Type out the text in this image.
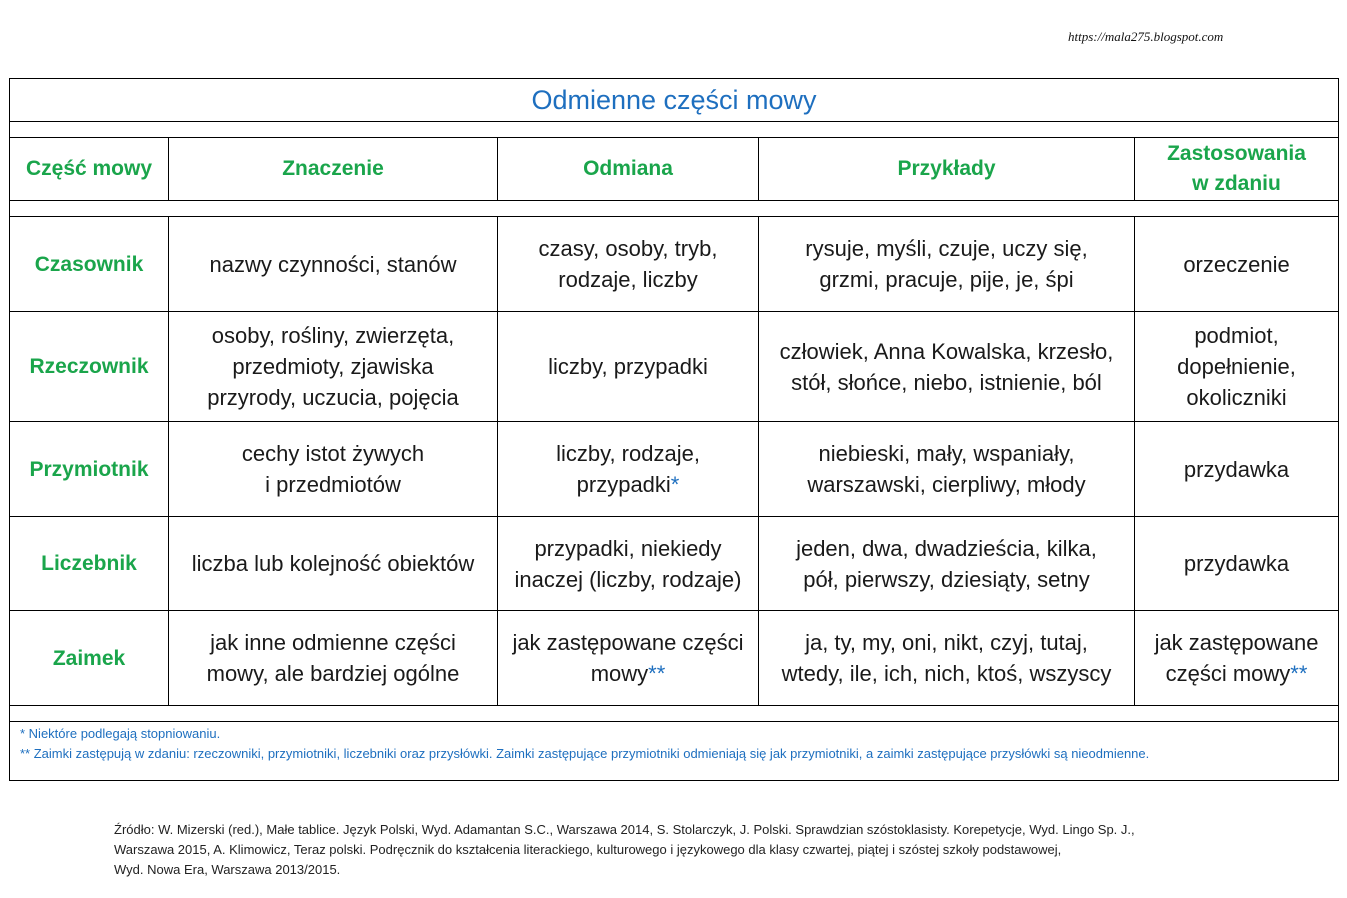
https://mala275.blogspot.com
Odmienne części mowy				

Część mowy	Znaczenie	Odmiana	Przykłady	Zastosowania
w zdaniu

Czasownik	nazwy czynności, stanów	czasy, osoby, tryb,
rodzaje, liczby	rysuje, myśli, czuje, uczy się,
grzmi, pracuje, pije, je, śpi	orzeczenie

Rzeczownik	osoby, rośliny, zwierzęta,
przedmioty, zjawiska
przyrody, uczucia, pojęcia	liczby, przypadki	człowiek, Anna Kowalska, krzesło,
stół, słońce, niebo, istnienie, ból	podmiot,
dopełnienie,
okoliczniki

Przymiotnik	cechy istot żywych
i przedmiotów	liczby, rodzaje,
przypadki*	niebieski, mały, wspaniały,
warszawski, cierpliwy, młody	przydawka

Liczebnik	liczba lub kolejność obiektów	przypadki, niekiedy
inaczej (liczby, rodzaje)	jeden, dwa, dwadzieścia, kilka,
pół, pierwszy, dziesiąty, setny	przydawka

Zaimek	jak inne odmienne części
mowy, ale bardziej ogólne	jak zastępowane części
mowy**	ja, ty, my, oni, nikt, czyj, tutaj,
wtedy, ile, ich, nich, ktoś, wszyscy	jak zastępowane
części mowy**

* Niektóre podlegają stopniowaniu.
** Zaimki zastępują w zdaniu: rzeczowniki, przymiotniki, liczebniki oraz przysłówki. Zaimki zastępujące przymiotniki odmieniają się jak przymiotniki, a zaimki zastępujące przysłówki są nieodmienne.				
Źródło: W. Mizerski (red.), Małe tablice. Język Polski, Wyd. Adamantan S.C., Warszawa 2014, S. Stolarczyk, J. Polski. Sprawdzian szóstoklasisty. Korepetycje, Wyd. Lingo Sp. J.,
Warszawa 2015, A. Klimowicz, Teraz polski. Podręcznik do kształcenia literackiego, kulturowego i językowego dla klasy czwartej, piątej i szóstej szkoły podstawowej,
Wyd. Nowa Era, Warszawa 2013/2015.
